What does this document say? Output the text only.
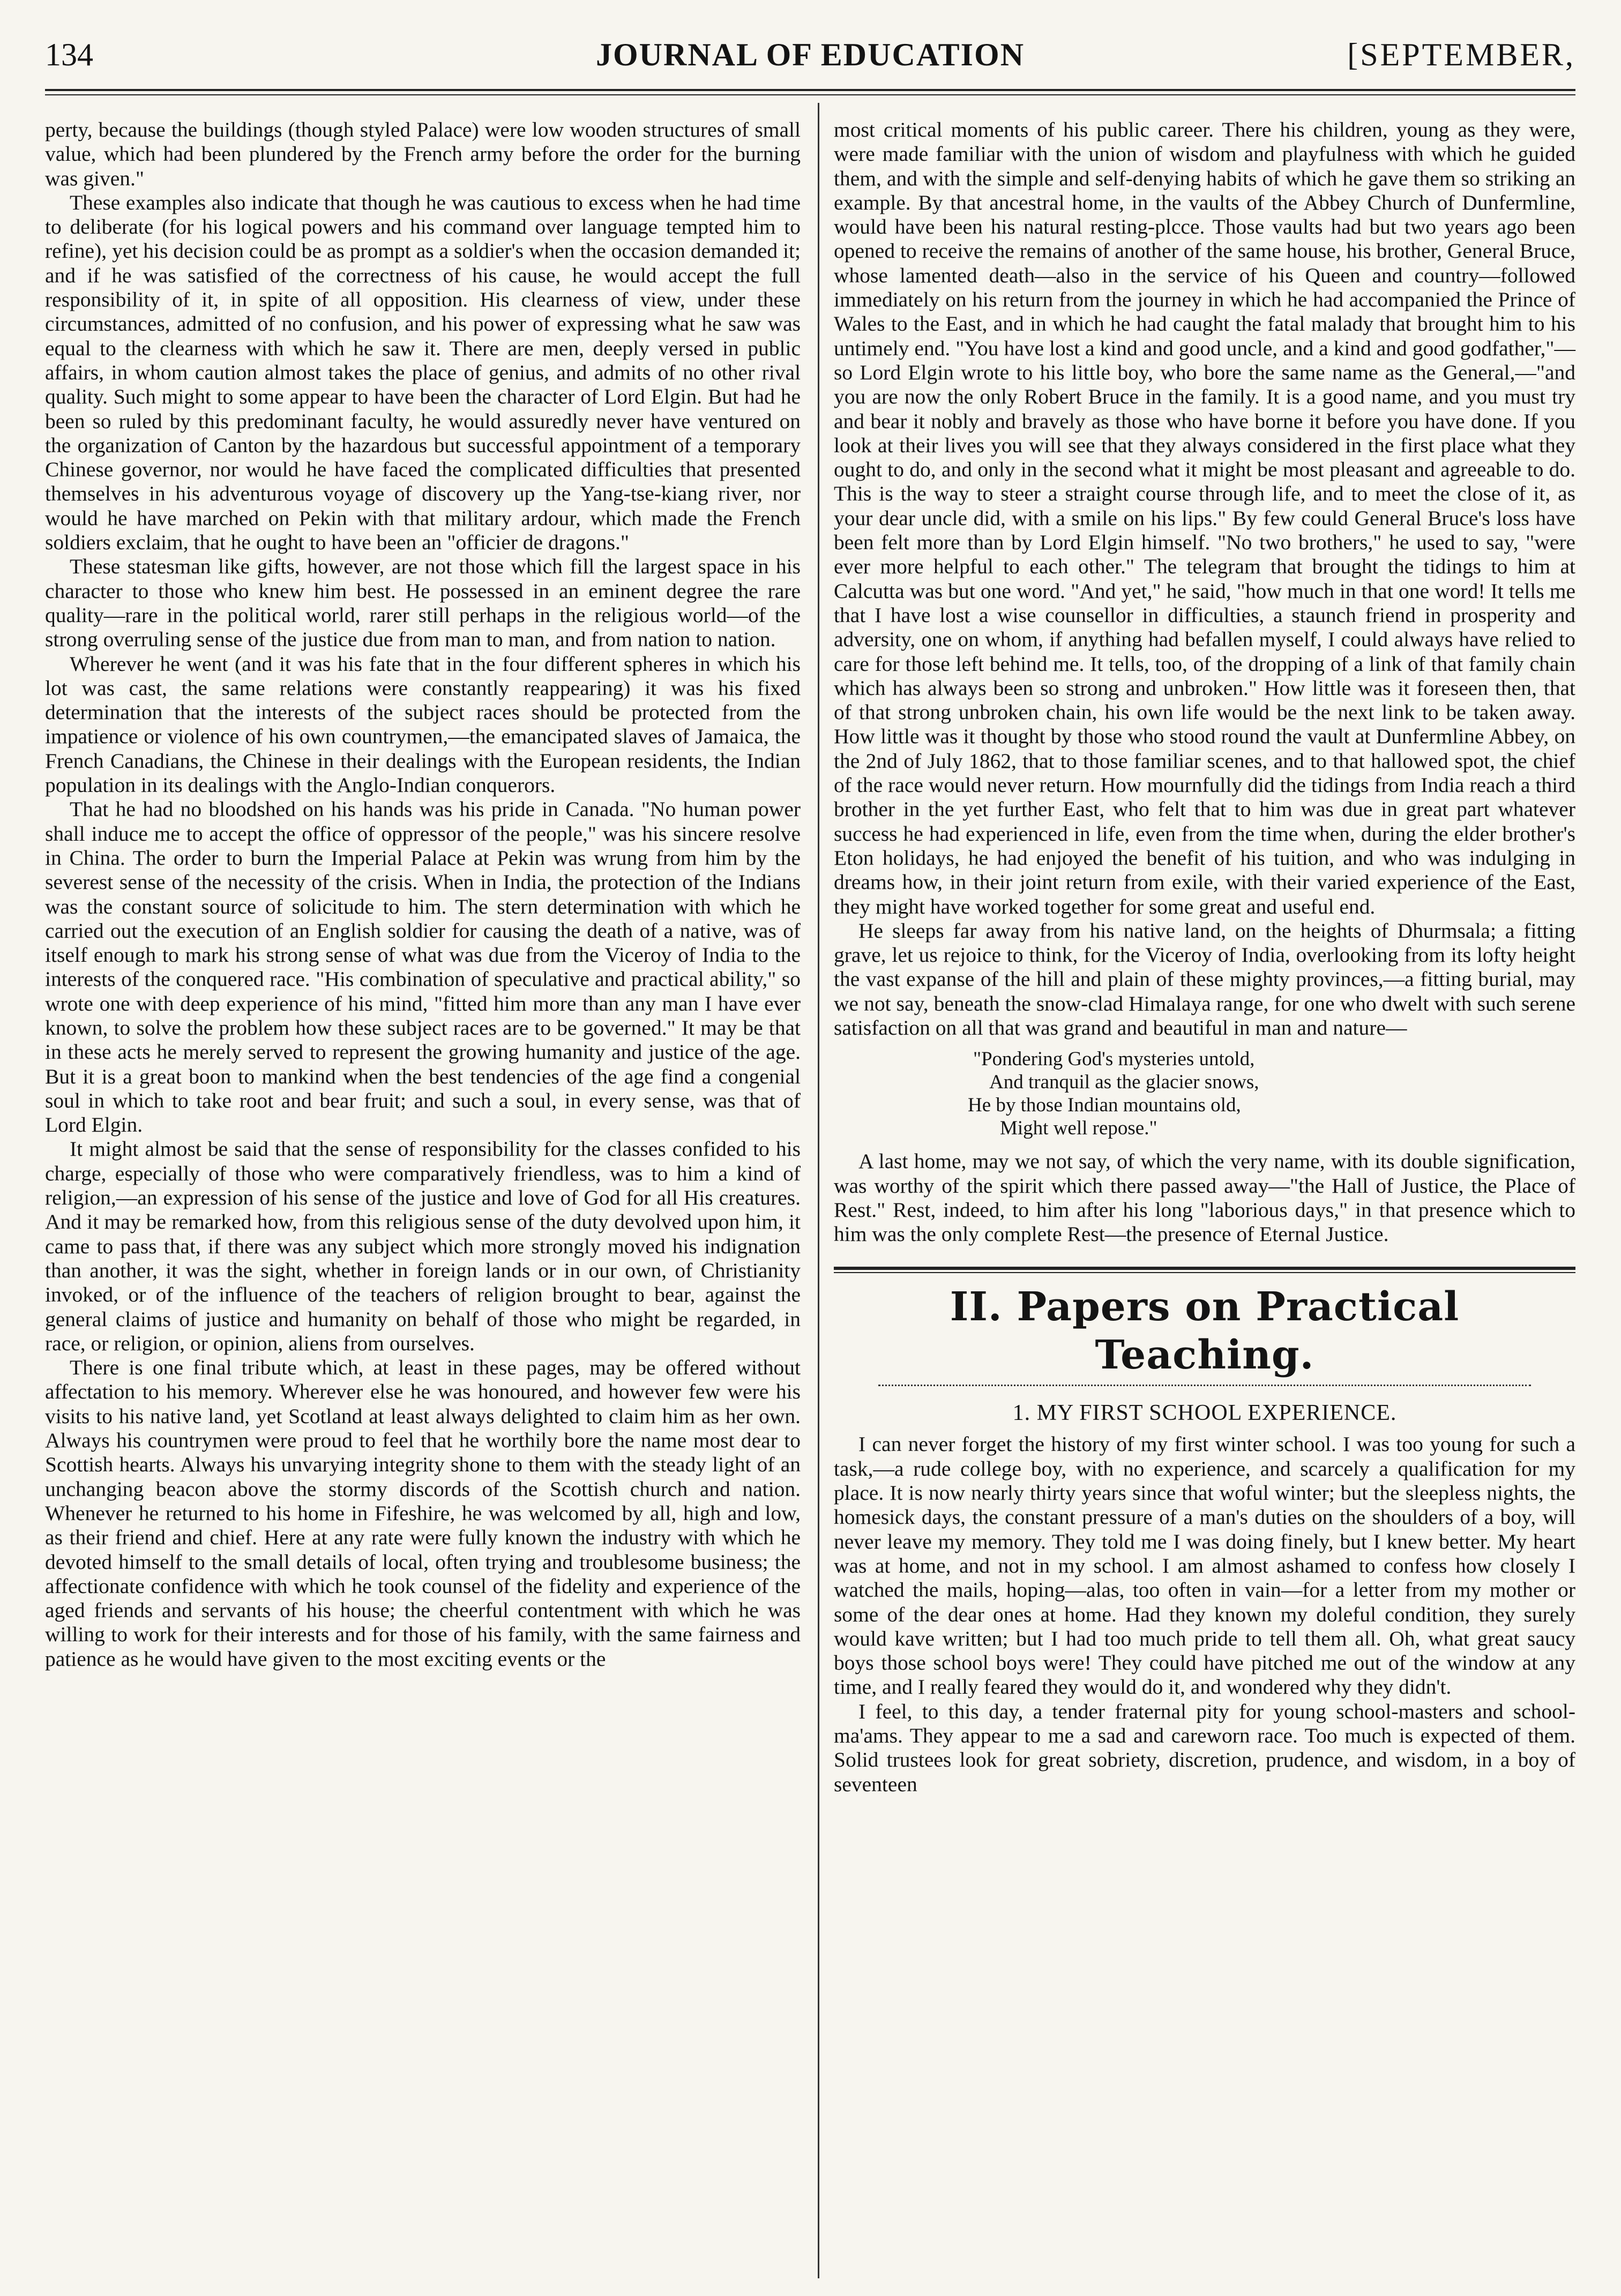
134	JOURNAL OF EDUCATION	[SEPTEMBER,

perty, because the buildings (though styled Palace) were low wooden structures of small value, which had been plundered by the French army before the order for the burning was given."

These examples also indicate that though he was cautious to excess when he had time to deliberate (for his logical powers and his command over language tempted him to refine), yet his decision could be as prompt as a soldier's when the occasion demanded it; and if he was satisfied of the correctness of his cause, he would accept the full responsibility of it, in spite of all opposition. His clearness of view, under these circumstances, admitted of no confusion, and his power of expressing what he saw was equal to the clearness with which he saw it. There are men, deeply versed in public affairs, in whom caution almost takes the place of genius, and admits of no other rival quality. Such might to some appear to have been the character of Lord Elgin. But had he been so ruled by this predominant faculty, he would assuredly never have ventured on the organization of Canton by the hazardous but successful appointment of a temporary Chinese governor, nor would he have faced the complicated difficulties that presented themselves in his adventurous voyage of discovery up the Yang-tse-kiang river, nor would he have marched on Pekin with that military ardour, which made the French soldiers exclaim, that he ought to have been an "officier de dragons."

These statesman like gifts, however, are not those which fill the largest space in his character to those who knew him best. He possessed in an eminent degree the rare quality—rare in the political world, rarer still perhaps in the religious world—of the strong overruling sense of the justice due from man to man, and from nation to nation.

Wherever he went (and it was his fate that in the four different spheres in which his lot was cast, the same relations were constantly reappearing) it was his fixed determination that the interests of the subject races should be protected from the impatience or violence of his own countrymen,—the emancipated slaves of Jamaica, the French Canadians, the Chinese in their dealings with the European residents, the Indian population in its dealings with the Anglo-Indian conquerors.

That he had no bloodshed on his hands was his pride in Canada. "No human power shall induce me to accept the office of oppressor of the people," was his sincere resolve in China. The order to burn the Imperial Palace at Pekin was wrung from him by the severest sense of the necessity of the crisis. When in India, the protection of the Indians was the constant source of solicitude to him. The stern determination with which he carried out the execution of an English soldier for causing the death of a native, was of itself enough to mark his strong sense of what was due from the Viceroy of India to the interests of the conquered race. "His combination of speculative and practical ability," so wrote one with deep experience of his mind, "fitted him more than any man I have ever known, to solve the problem how these subject races are to be governed." It may be that in these acts he merely served to represent the growing humanity and justice of the age. But it is a great boon to mankind when the best tendencies of the age find a congenial soul in which to take root and bear fruit; and such a soul, in every sense, was that of Lord Elgin.

It might almost be said that the sense of responsibility for the classes confided to his charge, especially of those who were comparatively friendless, was to him a kind of religion,—an expression of his sense of the justice and love of God for all His creatures. And it may be remarked how, from this religious sense of the duty devolved upon him, it came to pass that, if there was any subject which more strongly moved his indignation than another, it was the sight, whether in foreign lands or in our own, of Christianity invoked, or of the influence of the teachers of religion brought to bear, against the general claims of justice and humanity on behalf of those who might be regarded, in race, or religion, or opinion, aliens from ourselves.

There is one final tribute which, at least in these pages, may be offered without affectation to his memory. Wherever else he was honoured, and however few were his visits to his native land, yet Scotland at least always delighted to claim him as her own. Always his countrymen were proud to feel that he worthily bore the name most dear to Scottish hearts. Always his unvarying integrity shone to them with the steady light of an unchanging beacon above the stormy discords of the Scottish church and nation. Whenever he returned to his home in Fifeshire, he was welcomed by all, high and low, as their friend and chief. Here at any rate were fully known the industry with which he devoted himself to the small details of local, often trying and troublesome business; the affectionate confidence with which he took counsel of the fidelity and experience of the aged friends and servants of his house; the cheerful contentment with which he was willing to work for their interests and for those of his family, with the same fairness and patience as he would have given to the most exciting events or the

most critical moments of his public career. There his children, young as they were, were made familiar with the union of wisdom and playfulness with which he guided them, and with the simple and self-denying habits of which he gave them so striking an example. By that ancestral home, in the vaults of the Abbey Church of Dunfermline, would have been his natural resting-plcce. Those vaults had but two years ago been opened to receive the remains of another of the same house, his brother, General Bruce, whose lamented death—also in the service of his Queen and country—followed immediately on his return from the journey in which he had accompanied the Prince of Wales to the East, and in which he had caught the fatal malady that brought him to his untimely end. "You have lost a kind and good uncle, and a kind and good godfather,"—so Lord Elgin wrote to his little boy, who bore the same name as the General,—"and you are now the only Robert Bruce in the family. It is a good name, and you must try and bear it nobly and bravely as those who have borne it before you have done. If you look at their lives you will see that they always considered in the first place what they ought to do, and only in the second what it might be most pleasant and agreeable to do. This is the way to steer a straight course through life, and to meet the close of it, as your dear uncle did, with a smile on his lips." By few could General Bruce's loss have been felt more than by Lord Elgin himself. "No two brothers," he used to say, "were ever more helpful to each other." The telegram that brought the tidings to him at Calcutta was but one word. "And yet," he said, "how much in that one word! It tells me that I have lost a wise counsellor in difficulties, a staunch friend in prosperity and adversity, one on whom, if anything had befallen myself, I could always have relied to care for those left behind me. It tells, too, of the dropping of a link of that family chain which has always been so strong and unbroken." How little was it foreseen then, that of that strong unbroken chain, his own life would be the next link to be taken away. How little was it thought by those who stood round the vault at Dunfermline Abbey, on the 2nd of July 1862, that to those familiar scenes, and to that hallowed spot, the chief of the race would never return. How mournfully did the tidings from India reach a third brother in the yet further East, who felt that to him was due in great part whatever success he had experienced in life, even from the time when, during the elder brother's Eton holidays, he had enjoyed the benefit of his tuition, and who was indulging in dreams how, in their joint return from exile, with their varied experience of the East, they might have worked together for some great and useful end.

He sleeps far away from his native land, on the heights of Dhurmsala; a fitting grave, let us rejoice to think, for the Viceroy of India, overlooking from its lofty height the vast expanse of the hill and plain of these mighty provinces,—a fitting burial, may we not say, beneath the snow-clad Himalaya range, for one who dwelt with such serene satisfaction on all that was grand and beautiful in man and nature—

"Pondering God's mysteries untold,
And tranquil as the glacier snows,
He by those Indian mountains old,
Might well repose."

A last home, may we not say, of which the very name, with its double signification, was worthy of the spirit which there passed away—"the Hall of Justice, the Place of Rest." Rest, indeed, to him after his long "laborious days," in that presence which to him was the only complete Rest—the presence of Eternal Justice.

II. Papers on Practical Teaching.
1. MY FIRST SCHOOL EXPERIENCE.

I can never forget the history of my first winter school. I was too young for such a task,—a rude college boy, with no experience, and scarcely a qualification for my place. It is now nearly thirty years since that woful winter; but the sleepless nights, the homesick days, the constant pressure of a man's duties on the shoulders of a boy, will never leave my memory. They told me I was doing finely, but I knew better. My heart was at home, and not in my school. I am almost ashamed to confess how closely I watched the mails, hoping—alas, too often in vain—for a letter from my mother or some of the dear ones at home. Had they known my doleful condition, they surely would kave written; but I had too much pride to tell them all. Oh, what great saucy boys those school boys were! They could have pitched me out of the window at any time, and I really feared they would do it, and wondered why they didn't.

I feel, to this day, a tender fraternal pity for young school-masters and school-ma'ams. They appear to me a sad and careworn race. Too much is expected of them. Solid trustees look for great sobriety, discretion, prudence, and wisdom, in a boy of seventeen
